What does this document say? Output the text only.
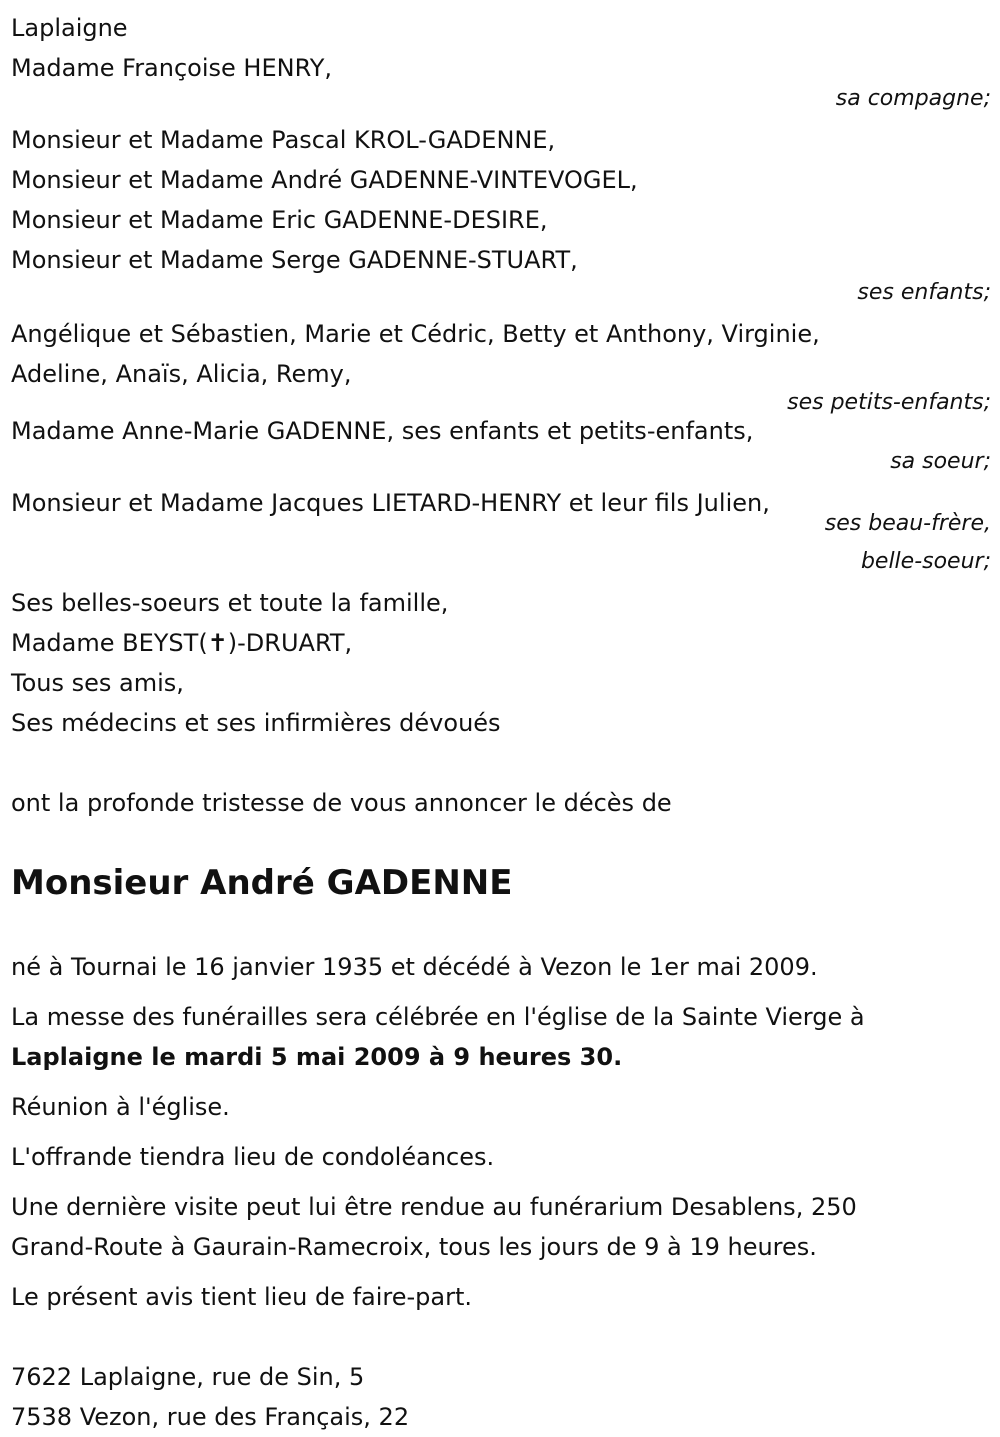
Laplaigne

Madame Françoise HENRY,

sa compagne;

Monsieur et Madame Pascal KROL-GADENNE,

Monsieur et Madame André GADENNE-VINTEVOGEL,

Monsieur et Madame Eric GADENNE-DESIRE,

Monsieur et Madame Serge GADENNE-STUART,

ses enfants;

Angélique et Sébastien, Marie et Cédric, Betty et Anthony, Virginie,

Adeline, Anaïs, Alicia, Remy,

ses petits-enfants;

Madame Anne-Marie GADENNE, ses enfants et petits-enfants,

sa soeur;

Monsieur et Madame Jacques LIETARD-HENRY et leur fils Julien,

ses beau-frère,

belle-soeur;

Ses belles-soeurs et toute la famille,

Madame BEYST(✝)-DRUART,

Tous ses amis,

Ses médecins et ses infirmières dévoués

ont la profonde tristesse de vous annoncer le décès de

Monsieur André GADENNE

né à Tournai le 16 janvier 1935 et décédé à Vezon le 1er mai 2009.

La messe des funérailles sera célébrée en l'église de la Sainte Vierge à
Laplaigne le mardi 5 mai 2009 à 9 heures 30.

Réunion à l'église.

L'offrande tiendra lieu de condoléances.

Une dernière visite peut lui être rendue au funérarium Desablens, 250
Grand-Route à Gaurain-Ramecroix, tous les jours de 9 à 19 heures.

Le présent avis tient lieu de faire-part.

7622 Laplaigne, rue de Sin, 5

7538 Vezon, rue des Français, 22
